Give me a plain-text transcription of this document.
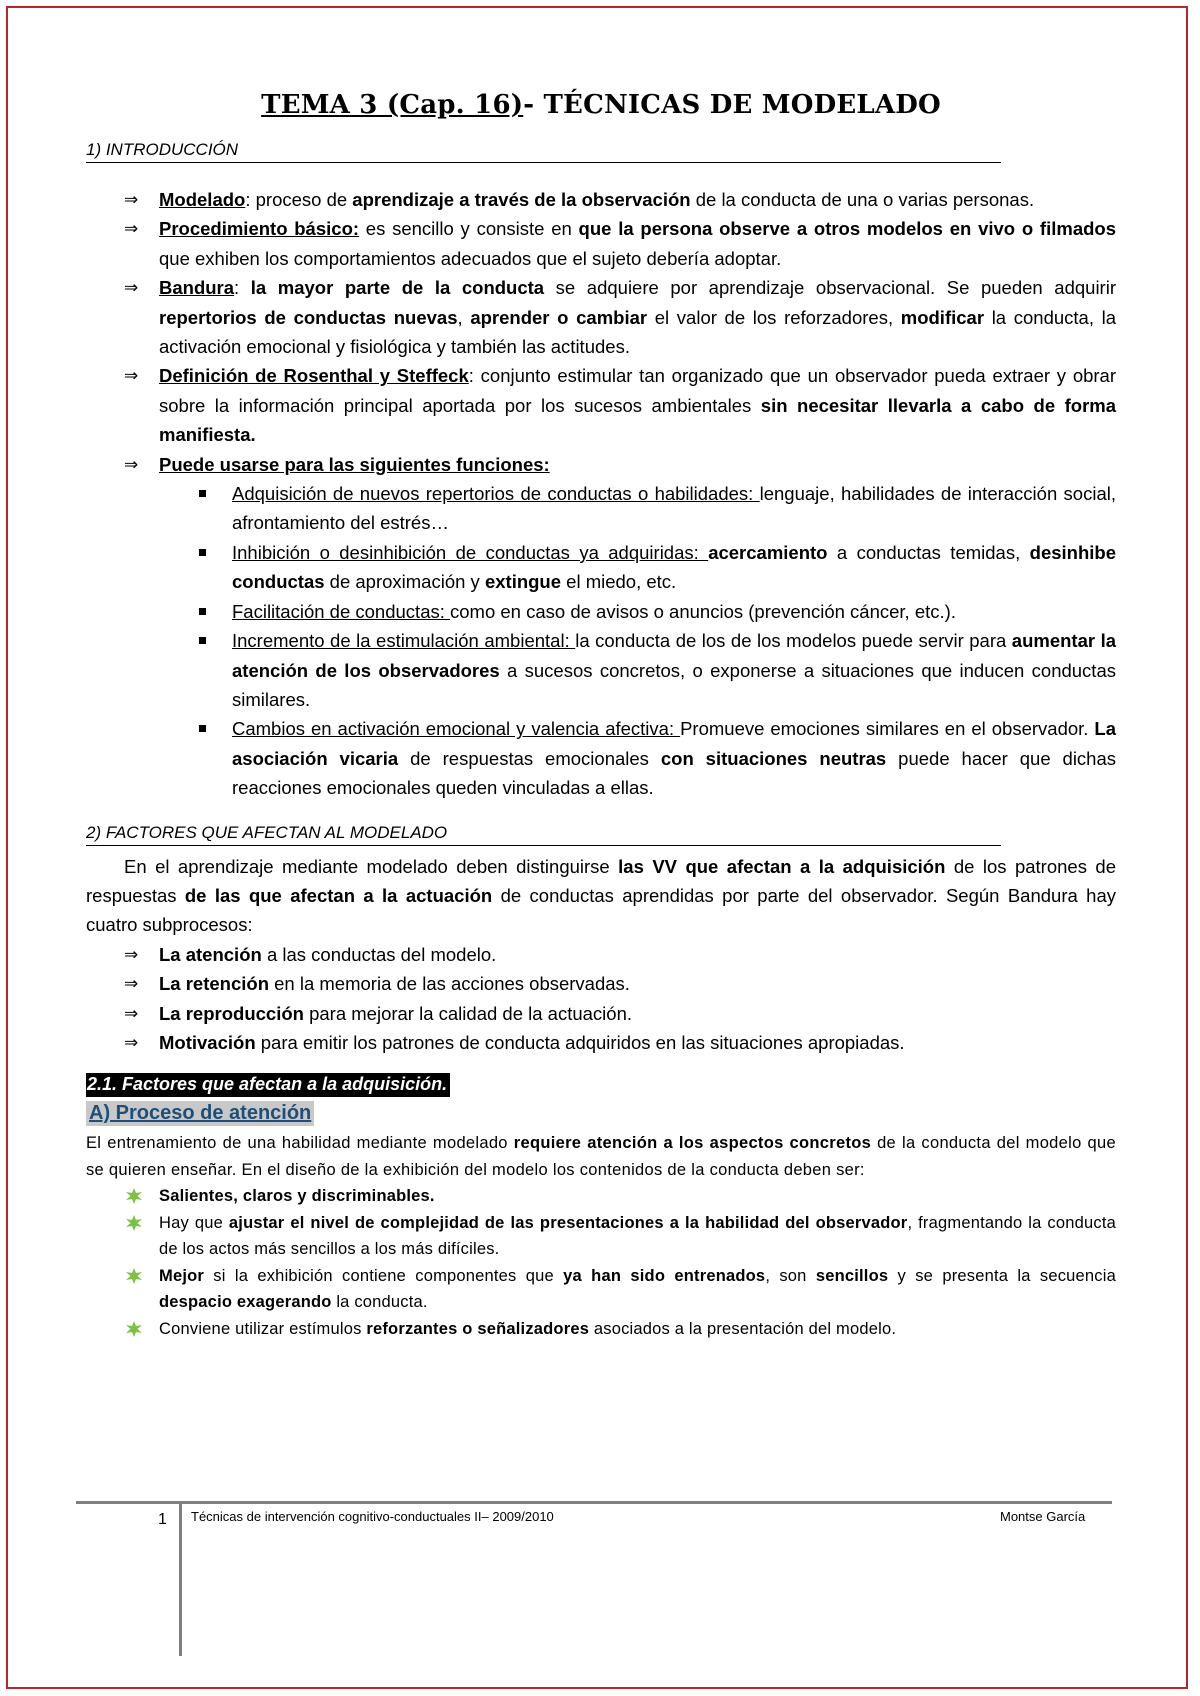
TEMA 3 (Cap. 16)- TÉCNICAS DE MODELADO
1) INTRODUCCIÓN
⇒ Modelado: proceso de aprendizaje a través de la observación de la conducta de una o varias personas.
⇒ Procedimiento básico: es sencillo y consiste en que la persona observe a otros modelos en vivo o filmados que exhiben los comportamientos adecuados que el sujeto debería adoptar.
⇒ Bandura: la mayor parte de la conducta se adquiere por aprendizaje observacional. Se pueden adquirir repertorios de conductas nuevas, aprender o cambiar el valor de los reforzadores, modificar la conducta, la activación emocional y fisiológica y también las actitudes.
⇒ Definición de Rosenthal y Steffeck: conjunto estimular tan organizado que un observador pueda extraer y obrar sobre la información principal aportada por los sucesos ambientales sin necesitar llevarla a cabo de forma manifiesta.
⇒ Puede usarse para las siguientes funciones:
Adquisición de nuevos repertorios de conductas o habilidades: lenguaje, habilidades de interacción social, afrontamiento del estrés…
Inhibición o desinhibición de conductas ya adquiridas: acercamiento a conductas temidas, desinhibe conductas de aproximación y extingue el miedo, etc.
Facilitación de conductas: como en caso de avisos o anuncios (prevención cáncer, etc.).
Incremento de la estimulación ambiental: la conducta de los de los modelos puede servir para aumentar la atención de los observadores a sucesos concretos, o exponerse a situaciones que inducen conductas similares.
Cambios en activación emocional y valencia afectiva: Promueve emociones similares en el observador. La asociación vicaria de respuestas emocionales con situaciones neutras puede hacer que dichas reacciones emocionales queden vinculadas a ellas.
2) FACTORES QUE AFECTAN AL MODELADO

En el aprendizaje mediante modelado deben distinguirse las VV que afectan a la adquisición de los patrones de respuestas de las que afectan a la actuación de conductas aprendidas por parte del observador. Según Bandura hay cuatro subprocesos:

⇒ La atención a las conductas del modelo.
⇒ La retención en la memoria de las acciones observadas.
⇒ La reproducción para mejorar la calidad de la actuación.
⇒ Motivación para emitir los patrones de conducta adquiridos en las situaciones apropiadas.
2.1. Factores que afectan a la adquisición.
A) Proceso de atención

El entrenamiento de una habilidad mediante modelado requiere atención a los aspectos concretos de la conducta del modelo que se quieren enseñar. En el diseño de la exhibición del modelo los contenidos de la conducta deben ser:

Salientes, claros y discriminables.
Hay que ajustar el nivel de complejidad de las presentaciones a la habilidad del observador, fragmentando la conducta de los actos más sencillos a los más difíciles.
Mejor si la exhibición contiene componentes que ya han sido entrenados, son sencillos y se presenta la secuencia despacio exagerando la conducta.
Conviene utilizar estímulos reforzantes o señalizadores asociados a la presentación del modelo.
1 Técnicas de intervención cognitivo-conductuales II– 2009/2010	Montse García
